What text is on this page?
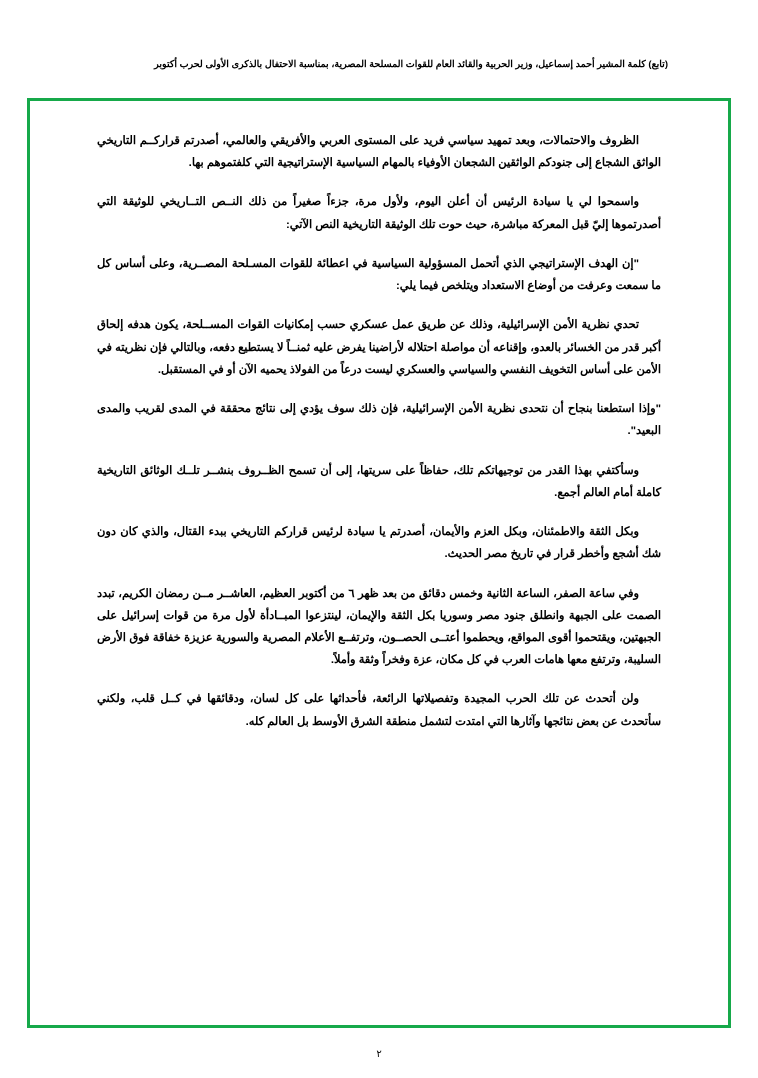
(تابع) كلمة المشير أحمد إسماعيل، وزير الحربية والقائد العام للقوات المسلحة المصرية، بمناسبة الاحتفال بالذكرى الأولى لحرب أكتوبر

الظروف والاحتمالات، وبعد تمهيد سياسي فريد على المستوى العربي والأفريقي والعالمي، أصدرتم قراركــم التاريخي الواثق الشجاع إلى جنودكم الواثقين الشجعان الأوفياء بالمهام السياسية الإستراتيجية التي كلفتموهم بها.

واسمحوا لي يا سيادة الرئيس أن أعلن اليوم، ولأول مرة، جزءاً صغيراً من ذلك النــص التــاريخي للوثيقة التي أصدرتموها إليّ قبل المعركة مباشرة، حيث حوت تلك الوثيقة التاريخية النص الآتي:

"إن الهدف الإستراتيجي الذي أتحمل المسؤولية السياسية في اعطائة للقوات المسـلحة المصــرية، وعلى أساس كل ما سمعت وعرفت من أوضاع الاستعداد ويتلخص فيما يلي:

تحدي نظرية الأمن الإسرائيلية، وذلك عن طريق عمل عسكري حسب إمكانيات القوات المســلحة، يكون هدفه إلحاق أكبر قدر من الخسائر بالعدو، وإقناعه أن مواصلة احتلاله لأراضينا يفرض عليه ثمنــاً لا يستطيع دفعه، وبالتالي فإن نظريته في الأمن على أساس التخويف النفسي والسياسي والعسكري ليست درعاً من الفولاذ يحميه الآن أو في المستقبل.

"وإذا استطعنا بنجاح أن نتحدى نظرية الأمن الإسرائيلية، فإن ذلك سوف يؤدي إلى نتائج محققة في المدى لقريب والمدى البعيد".

وسأكتفي بهذا القدر من توجيهاتكم تلك، حفاظاً على سريتها، إلى أن تسمح الظــروف بنشــر تلــك الوثائق التاريخية كاملة أمام العالم أجمع.

وبكل الثقة والاطمئنان، وبكل العزم والأيمان، أصدرتم يا سيادة لرئيس قراركم التاريخي ببدء القتال، والذي كان دون شك أشجع وأخطر قرار في تاريخ مصر الحديث.

وفي ساعة الصفر، الساعة الثانية وخمس دقائق من بعد ظهر ٦ من أكتوبر العظيم، العاشــر مــن رمضان الكريم، تبدد الصمت على الجبهة وانطلق جنود مصر وسوريا بكل الثقة والإيمان، لينتزعوا المبــادأة لأول مرة من قوات إسرائيل على الجبهتين، ويقتحموا أقوى المواقع، ويحطموا أعتــى الحصــون، وترتفــع الأعلام المصرية والسورية عزيزة خفاقة فوق الأرض السليبة، وترتفع معها هامات العرب في كل مكان، عزة وفخراً وثقة وأملاً.

ولن أتحدث عن تلك الحرب المجيدة وتفصيلاتها الرائعة، فأحداثها على كل لسان، ودقائقها في كــل قلب، ولكني سأتحدث عن بعض نتائجها وآثارها التي امتدت لتشمل منطقة الشرق الأوسط بل العالم كله.

٢
